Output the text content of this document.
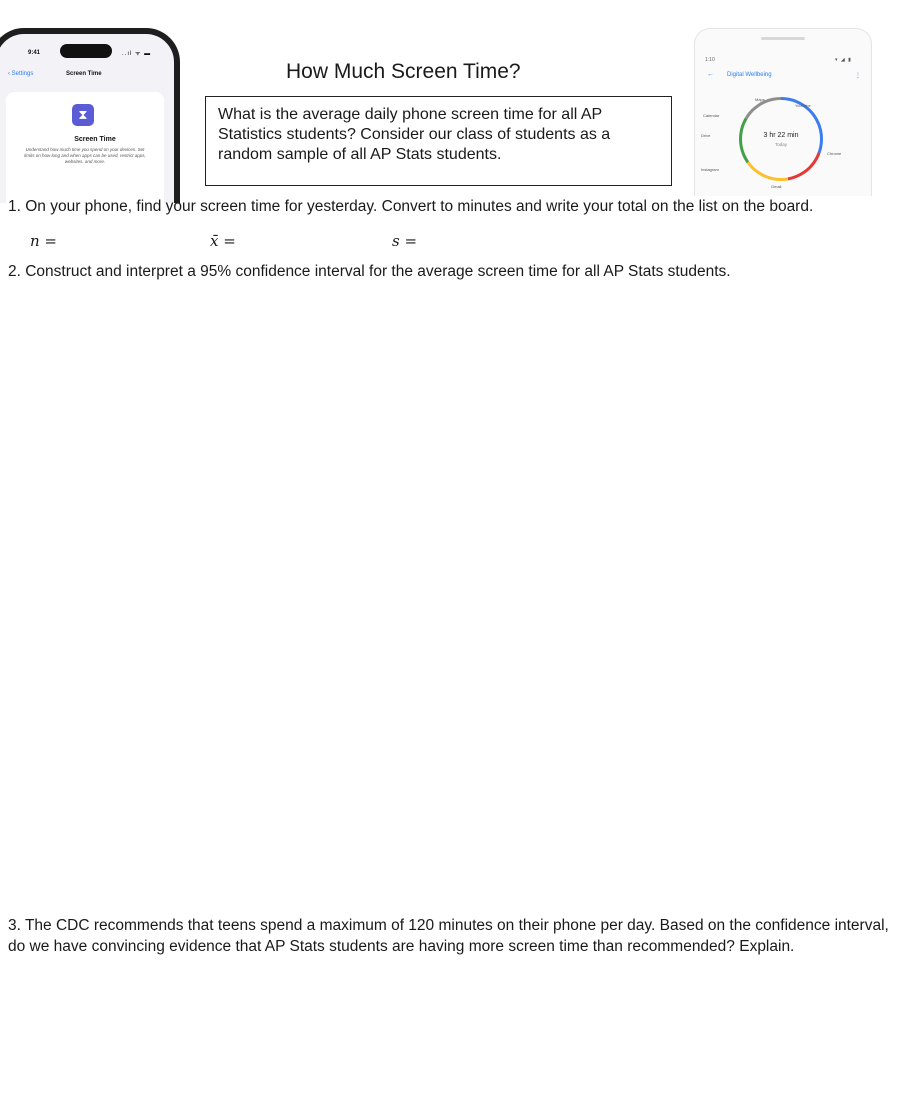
9:41	..ıl ᯤ ▬
‹ Settings	Screen Time
⧗
Screen Time
Understand how much time you spend on your devices. Set limits on how long and when apps can be used, restrict apps, websites, and more.
1:10	▾ ◢ ▮
← Digital Wellbeing	⋮
3 hr 22 min
Today
YouTube
Chrome
Gmail
Instagram
Drive
Calendar
Maps
How Much Screen Time?
What is the average daily phone screen time for all AP Statistics students? Consider our class of students as a random sample of all AP Stats students.
1. On your phone, find your screen time for yesterday. Convert to minutes and write your total on the list on the board.
n =	x̄ =	s =
2. Construct and interpret a 95% confidence interval for the average screen time for all AP Stats students.
3. The CDC recommends that teens spend a maximum of 120 minutes on their phone per day. Based on the confidence interval, do we have convincing evidence that AP Stats students are having more screen time than recommended? Explain.
